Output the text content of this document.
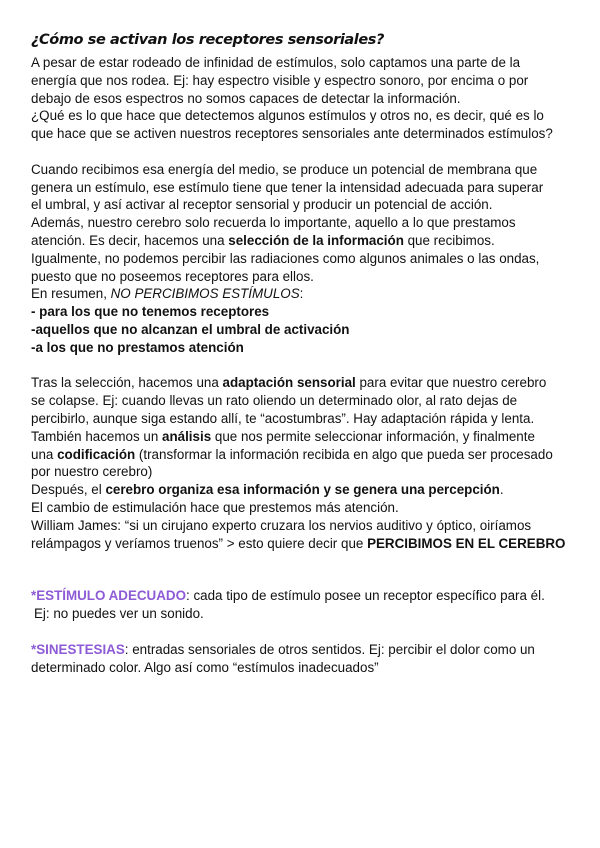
¿Cómo se activan los receptores sensoriales?

A pesar de estar rodeado de infinidad de estímulos, solo captamos una parte de la

energía que nos rodea. Ej: hay espectro visible y espectro sonoro, por encima o por

debajo de esos espectros no somos capaces de detectar la información.

¿Qué es lo que hace que detectemos algunos estímulos y otros no, es decir, qué es lo

que hace que se activen nuestros receptores sensoriales ante determinados estímulos?

Cuando recibimos esa energía del medio, se produce un potencial de membrana que

genera un estímulo, ese estímulo tiene que tener la intensidad adecuada para superar

el umbral, y así activar al receptor sensorial y producir un potencial de acción.

Además, nuestro cerebro solo recuerda lo importante, aquello a lo que prestamos

atención. Es decir, hacemos una selección de la información que recibimos.

Igualmente, no podemos percibir las radiaciones como algunos animales o las ondas,

puesto que no poseemos receptores para ellos.

En resumen, NO PERCIBIMOS ESTÍMULOS:

- para los que no tenemos receptores

-aquellos que no alcanzan el umbral de activación

-a los que no prestamos atención

Tras la selección, hacemos una adaptación sensorial para evitar que nuestro cerebro

se colapse. Ej: cuando llevas un rato oliendo un determinado olor, al rato dejas de

percibirlo, aunque siga estando allí, te “acostumbras”. Hay adaptación rápida y lenta.

También hacemos un análisis que nos permite seleccionar información, y finalmente

una codificación (transformar la información recibida en algo que pueda ser procesado

por nuestro cerebro)

Después, el cerebro organiza esa información y se genera una percepción.

El cambio de estimulación hace que prestemos más atención.

William James: “si un cirujano experto cruzara los nervios auditivo y óptico, oiríamos

relámpagos y veríamos truenos” > esto quiere decir que PERCIBIMOS EN EL CEREBRO

*ESTÍMULO ADECUADO: cada tipo de estímulo posee un receptor específico para él.

Ej: no puedes ver un sonido.

*SINESTESIAS: entradas sensoriales de otros sentidos. Ej: percibir el dolor como un

determinado color. Algo así como “estímulos inadecuados”
